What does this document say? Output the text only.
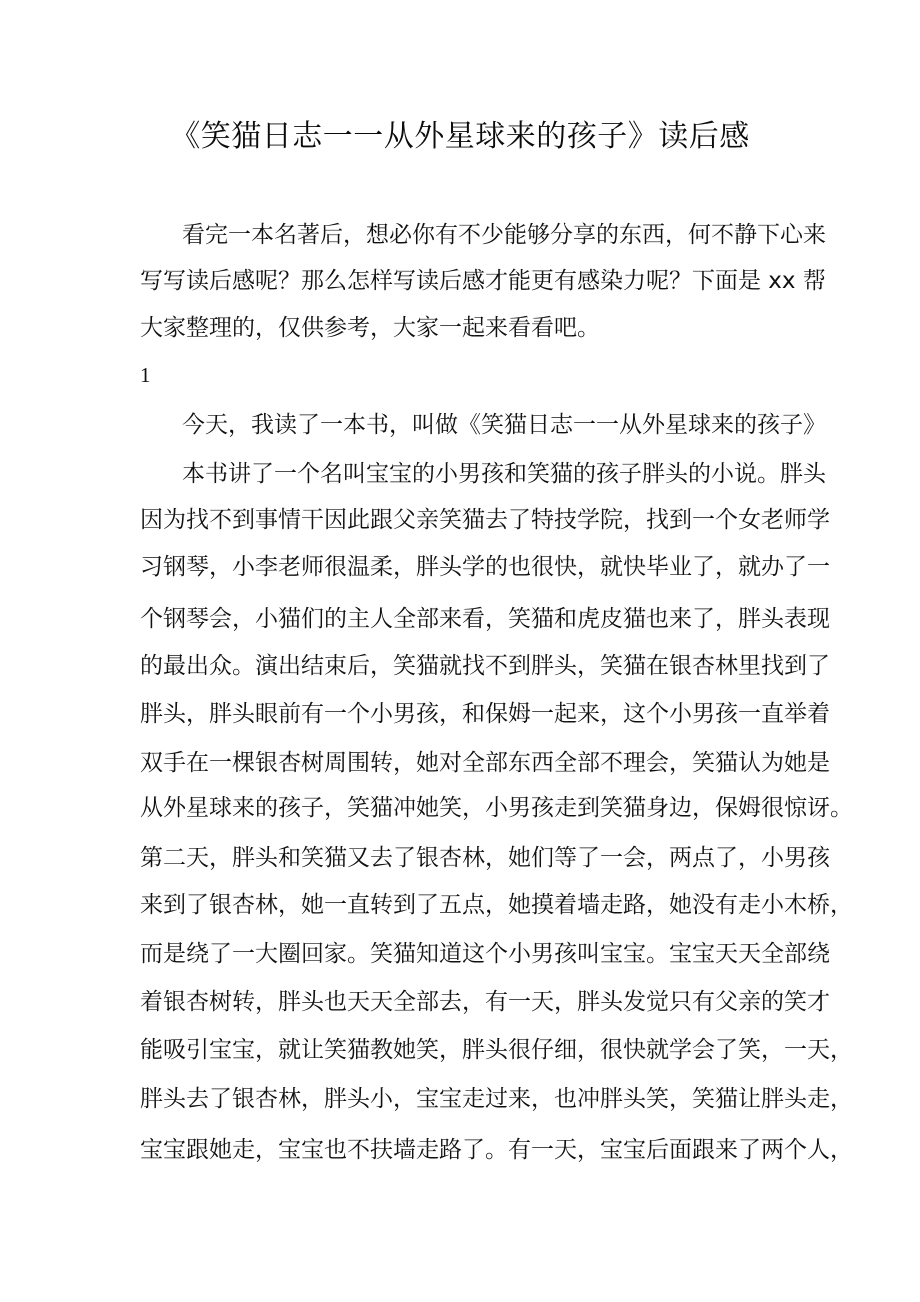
《笑猫日志一一从外星球来的孩子》读后感
看完一本名著后，想必你有不少能够分享的东西，何不静下心来
写写读后感呢？那么怎样写读后感才能更有感染力呢？下面是 xx 帮
大家整理的，仅供参考，大家一起来看看吧。
1
今天，我读了一本书，叫做《笑猫日志一一从外星球来的孩子》
本书讲了一个名叫宝宝的小男孩和笑猫的孩子胖头的小说。胖头
因为找不到事情干因此跟父亲笑猫去了特技学院，找到一个女老师学
习钢琴，小李老师很温柔，胖头学的也很快，就快毕业了，就办了一
个钢琴会，小猫们的主人全部来看，笑猫和虎皮猫也来了，胖头表现
的最出众。演出结束后，笑猫就找不到胖头，笑猫在银杏林里找到了
胖头，胖头眼前有一个小男孩，和保姆一起来，这个小男孩一直举着
双手在一棵银杏树周围转，她对全部东西全部不理会，笑猫认为她是
从外星球来的孩子，笑猫冲她笑，小男孩走到笑猫身边，保姆很惊讶。
第二天，胖头和笑猫又去了银杏林，她们等了一会，两点了，小男孩
来到了银杏林，她一直转到了五点，她摸着墙走路，她没有走小木桥，
而是绕了一大圈回家。笑猫知道这个小男孩叫宝宝。宝宝天天全部绕
着银杏树转，胖头也天天全部去，有一天，胖头发觉只有父亲的笑才
能吸引宝宝，就让笑猫教她笑，胖头很仔细，很快就学会了笑，一天，
胖头去了银杏林，胖头小，宝宝走过来，也冲胖头笑，笑猫让胖头走，
宝宝跟她走，宝宝也不扶墙走路了。有一天，宝宝后面跟来了两个人，
